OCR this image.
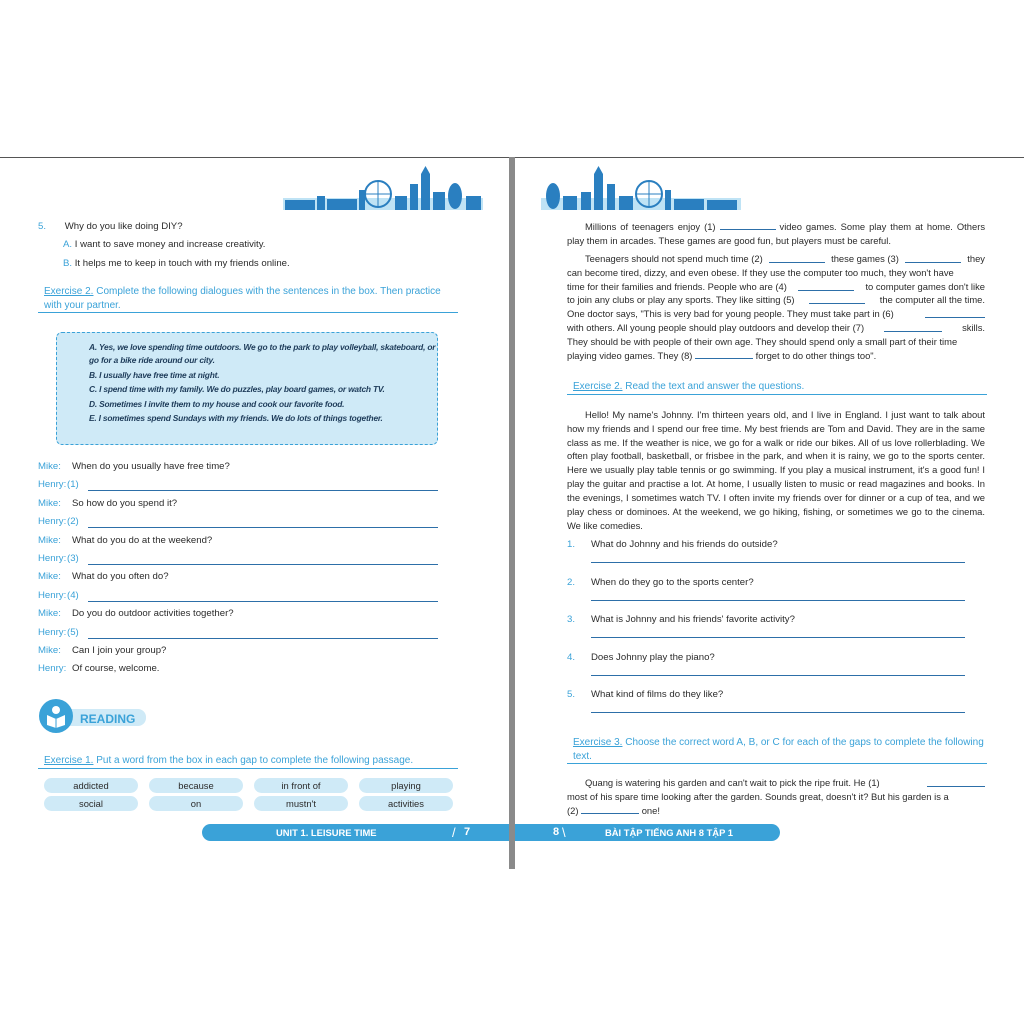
5. Why do you like doing DIY?
A. I want to save money and increase creativity.
B. It helps me to keep in touch with my friends online.
Exercise 2. Complete the following dialogues with the sentences in the box. Then practice with your partner.
A. Yes, we love spending time outdoors. We go to the park to play volleyball, skateboard, or go for a bike ride around our city.
B. I usually have free time at night.
C. I spend time with my family. We do puzzles, play board games, or watch TV.
D. Sometimes I invite them to my house and cook our favorite food.
E. I sometimes spend Sundays with my friends. We do lots of things together.
Mike: When do you usually have free time?
Henry: (1)
Mike: So how do you spend it?
Henry: (2)
Mike: What do you do at the weekend?
Henry: (3)
Mike: What do you often do?
Henry: (4)
Mike: Do you do outdoor activities together?
Henry: (5)
Mike: Can I join your group?
Henry: Of course, welcome.
READING
Exercise 1. Put a word from the box in each gap to complete the following passage.
addicted	because	in front of	playing
social	on	mustn't	activities
UNIT 1. LEISURE TIME	/ 7
Millions of teenagers enjoy (1)	video games. Some play them at home. Others play them in arcades. These games are good fun, but players must be careful.
Teenagers should not spend much time (2)	these games (3)	they
can become tired, dizzy, and even obese. If they use the computer too much, they won't have
time for their families and friends. People who are (4)	to computer games don't like
to join any clubs or play any sports. They like sitting (5)	the computer all the time.
One doctor says, "This is very bad for young people. They must take part in (6)
with others. All young people should play outdoors and develop their (7)	skills.
They should be with people of their own age. They should spend only a small part of their time
playing video games. They (8)	forget to do other things too".
Exercise 2. Read the text and answer the questions.
Hello! My name's Johnny. I'm thirteen years old, and I live in England. I just want to talk about how my friends and I spend our free time. My best friends are Tom and David. They are in the same class as me. If the weather is nice, we go for a walk or ride our bikes. All of us love rollerblading. We often play football, basketball, or frisbee in the park, and when it is rainy, we go to the sports center. Here we usually play table tennis or go swimming. If you play a musical instrument, it's a good fun! I play the guitar and practise a lot. At home, I usually listen to music or read magazines and books. In the evenings, I sometimes watch TV. I often invite my friends over for dinner or a cup of tea, and we play chess or dominoes. At the weekend, we go hiking, fishing, or sometimes we go to the cinema. We like comedies.
1. What do Johnny and his friends do outside?
2. When do they go to the sports center?
3. What is Johnny and his friends' favorite activity?
4. Does Johnny play the piano?
5. What kind of films do they like?
Exercise 3. Choose the correct word A, B, or C for each of the gaps to complete the following text.
Quang is watering his garden and can't wait to pick the ripe fruit. He (1)
most of his spare time looking after the garden. Sounds great, doesn't it? But his garden is a
(2)	one!
8 \	BÀI TẬP TIẾNG ANH 8 TẬP 1
